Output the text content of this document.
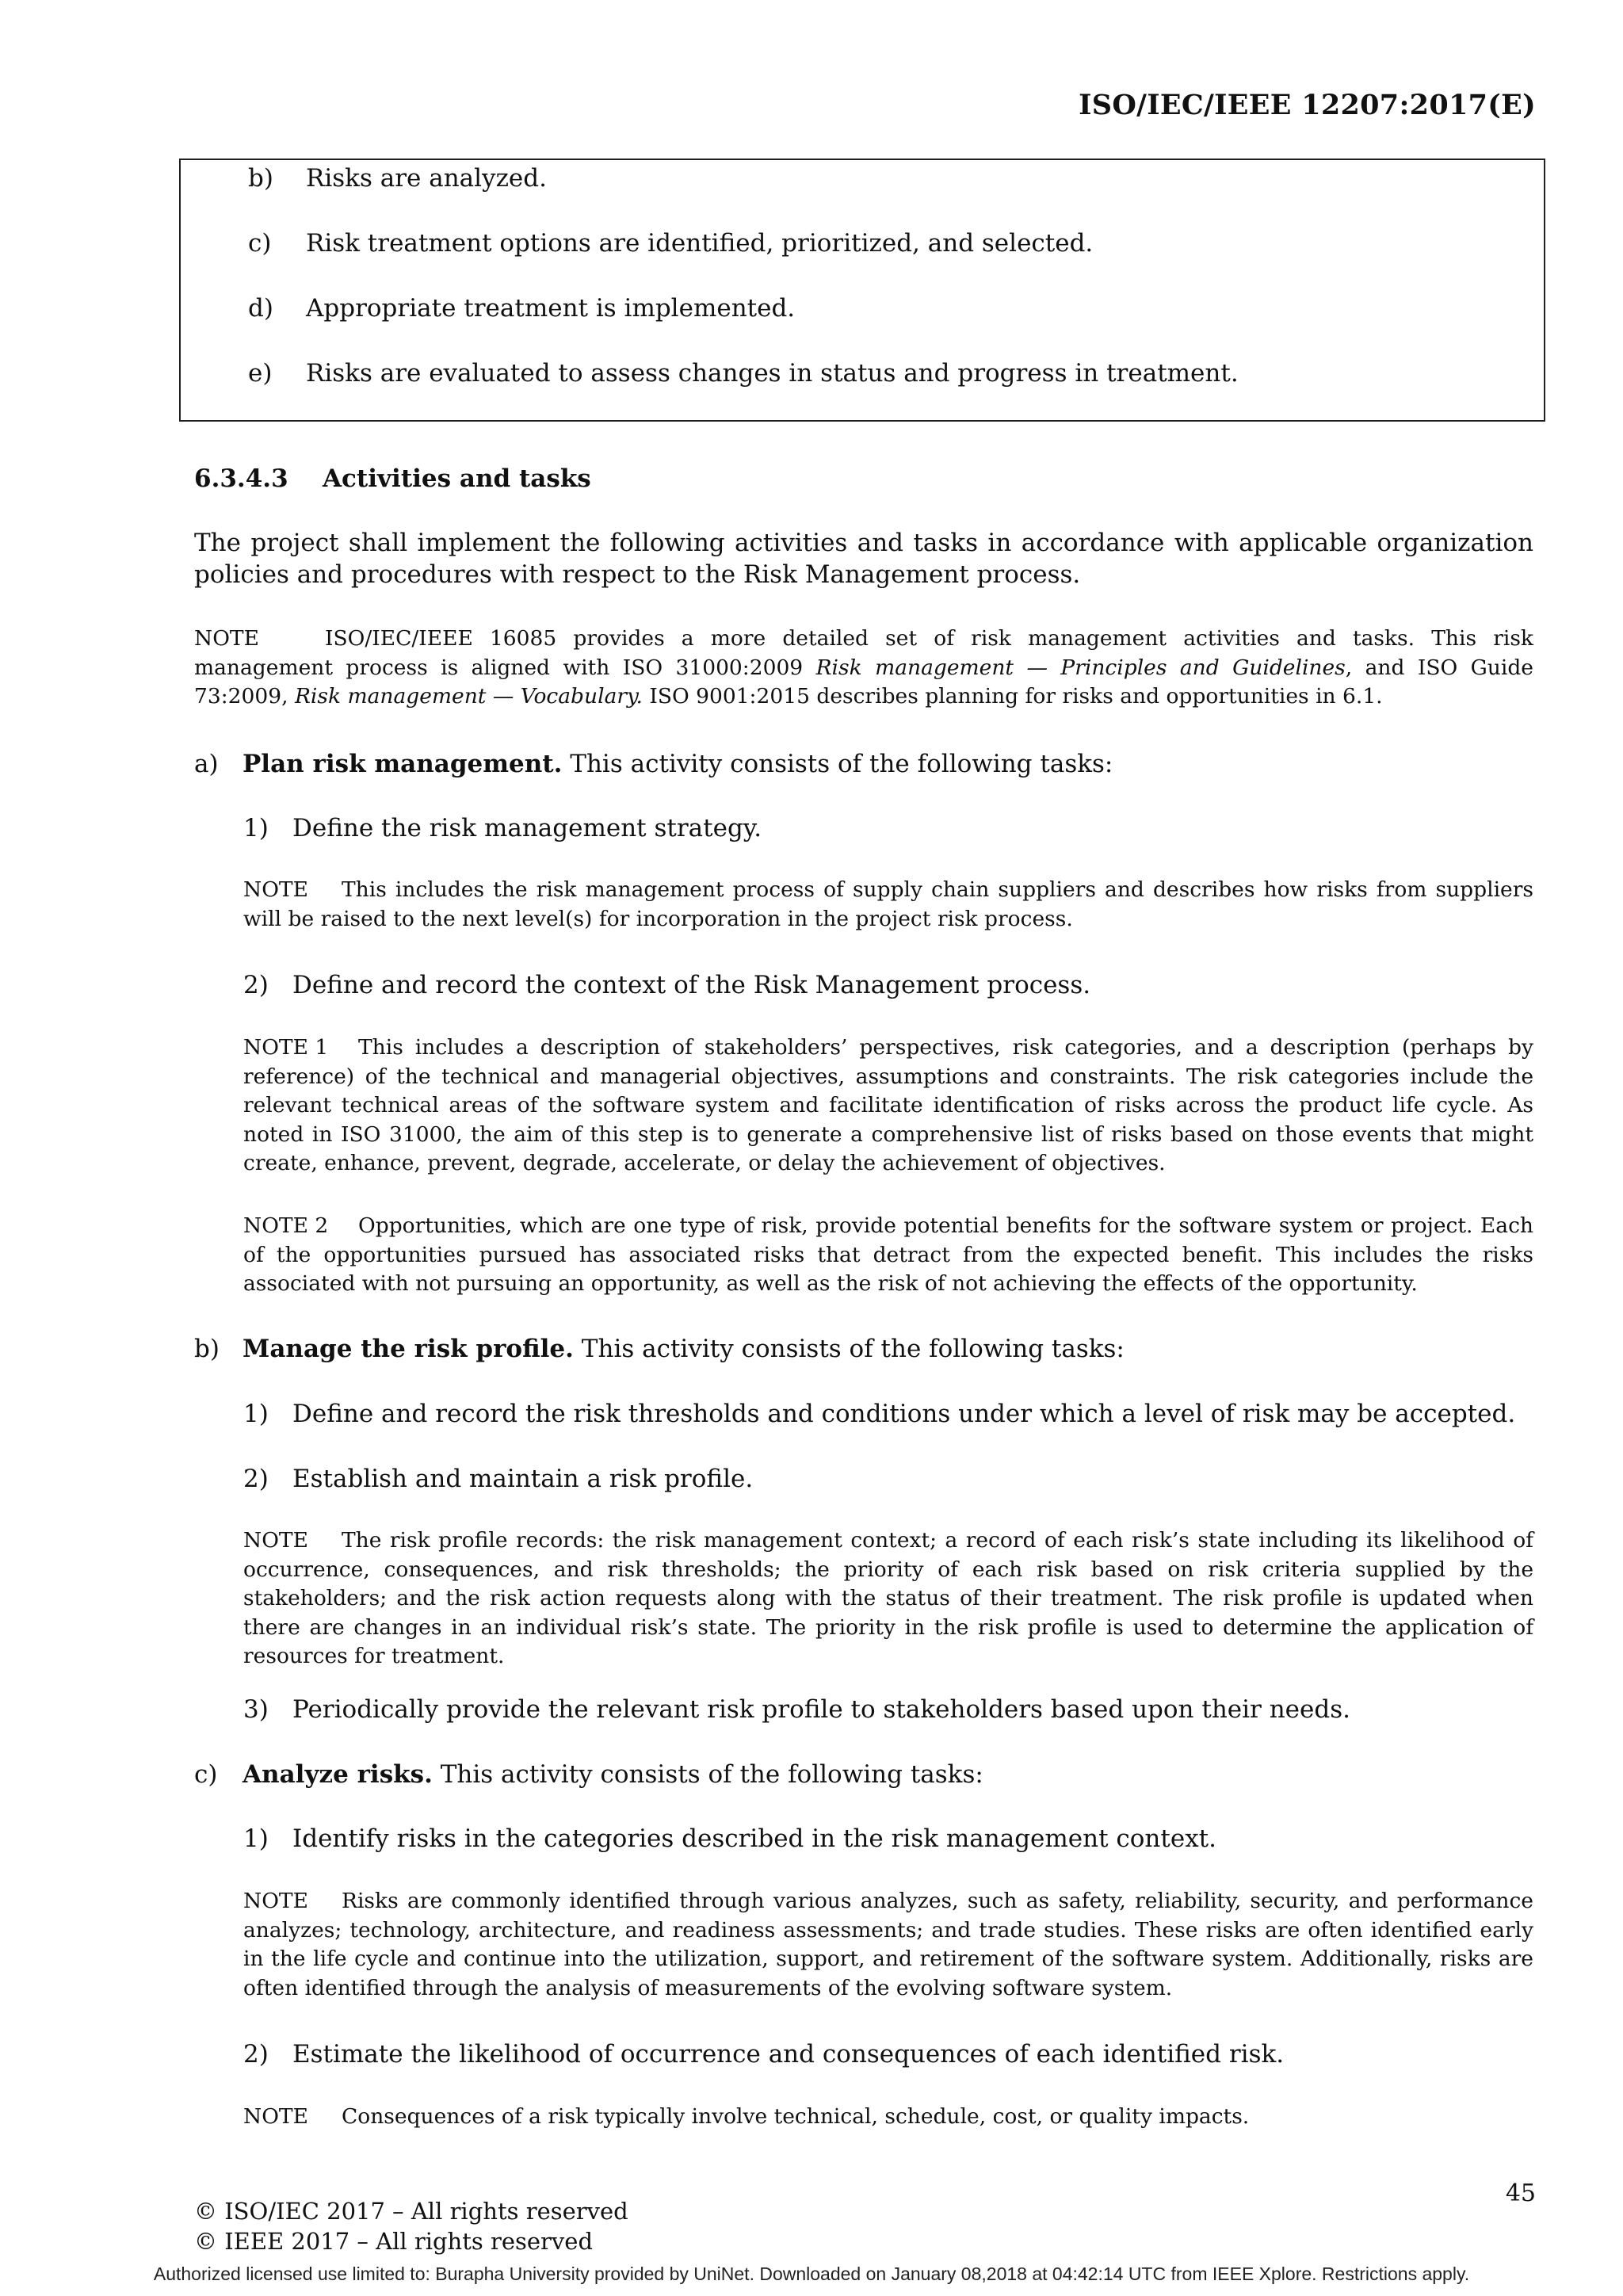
ISO/IEC/IEEE 12207:2017(E)
b) Risks are analyzed.
c) Risk treatment options are identified, prioritized, and selected.
d) Appropriate treatment is implemented.
e) Risks are evaluated to assess changes in status and progress in treatment.
6.3.4.3 Activities and tasks
The project shall implement the following activities and tasks in accordance with applicable organization policies and procedures with respect to the Risk Management process.
NOTE	ISO/IEC/IEEE 16085 provides a more detailed set of risk management activities and tasks. This risk management process is aligned with ISO 31000:2009 Risk management — Principles and Guidelines, and ISO Guide 73:2009, Risk management — Vocabulary. ISO 9001:2015 describes planning for risks and opportunities in 6.1.
a) Plan risk management. This activity consists of the following tasks:
1) Define the risk management strategy.
NOTE This includes the risk management process of supply chain suppliers and describes how risks from suppliers will be raised to the next level(s) for incorporation in the project risk process.
2) Define and record the context of the Risk Management process.
NOTE 1 This includes a description of stakeholders’ perspectives, risk categories, and a description (perhaps by reference) of the technical and managerial objectives, assumptions and constraints. The risk categories include the relevant technical areas of the software system and facilitate identification of risks across the product life cycle. As noted in ISO 31000, the aim of this step is to generate a comprehensive list of risks based on those events that might create, enhance, prevent, degrade, accelerate, or delay the achievement of objectives.
NOTE 2 Opportunities, which are one type of risk, provide potential benefits for the software system or project. Each of the opportunities pursued has associated risks that detract from the expected benefit. This includes the risks associated with not pursuing an opportunity, as well as the risk of not achieving the effects of the opportunity.
b) Manage the risk profile. This activity consists of the following tasks:
1) Define and record the risk thresholds and conditions under which a level of risk may be accepted.
2) Establish and maintain a risk profile.
NOTE The risk profile records: the risk management context; a record of each risk’s state including its likelihood of occurrence, consequences, and risk thresholds; the priority of each risk based on risk criteria supplied by the stakeholders; and the risk action requests along with the status of their treatment. The risk profile is updated when there are changes in an individual risk’s state. The priority in the risk profile is used to determine the application of resources for treatment.
3) Periodically provide the relevant risk profile to stakeholders based upon their needs.
c) Analyze risks. This activity consists of the following tasks:
1) Identify risks in the categories described in the risk management context.
NOTE Risks are commonly identified through various analyzes, such as safety, reliability, security, and performance analyzes; technology, architecture, and readiness assessments; and trade studies. These risks are often identified early in the life cycle and continue into the utilization, support, and retirement of the software system. Additionally, risks are often identified through the analysis of measurements of the evolving software system.
2) Estimate the likelihood of occurrence and consequences of each identified risk.
NOTE Consequences of a risk typically involve technical, schedule, cost, or quality impacts.
45
© ISO/IEC 2017 – All rights reserved
© IEEE 2017 – All rights reserved
Authorized licensed use limited to: Burapha University provided by UniNet. Downloaded on January 08,2018 at 04:42:14 UTC from IEEE Xplore. Restrictions apply.
